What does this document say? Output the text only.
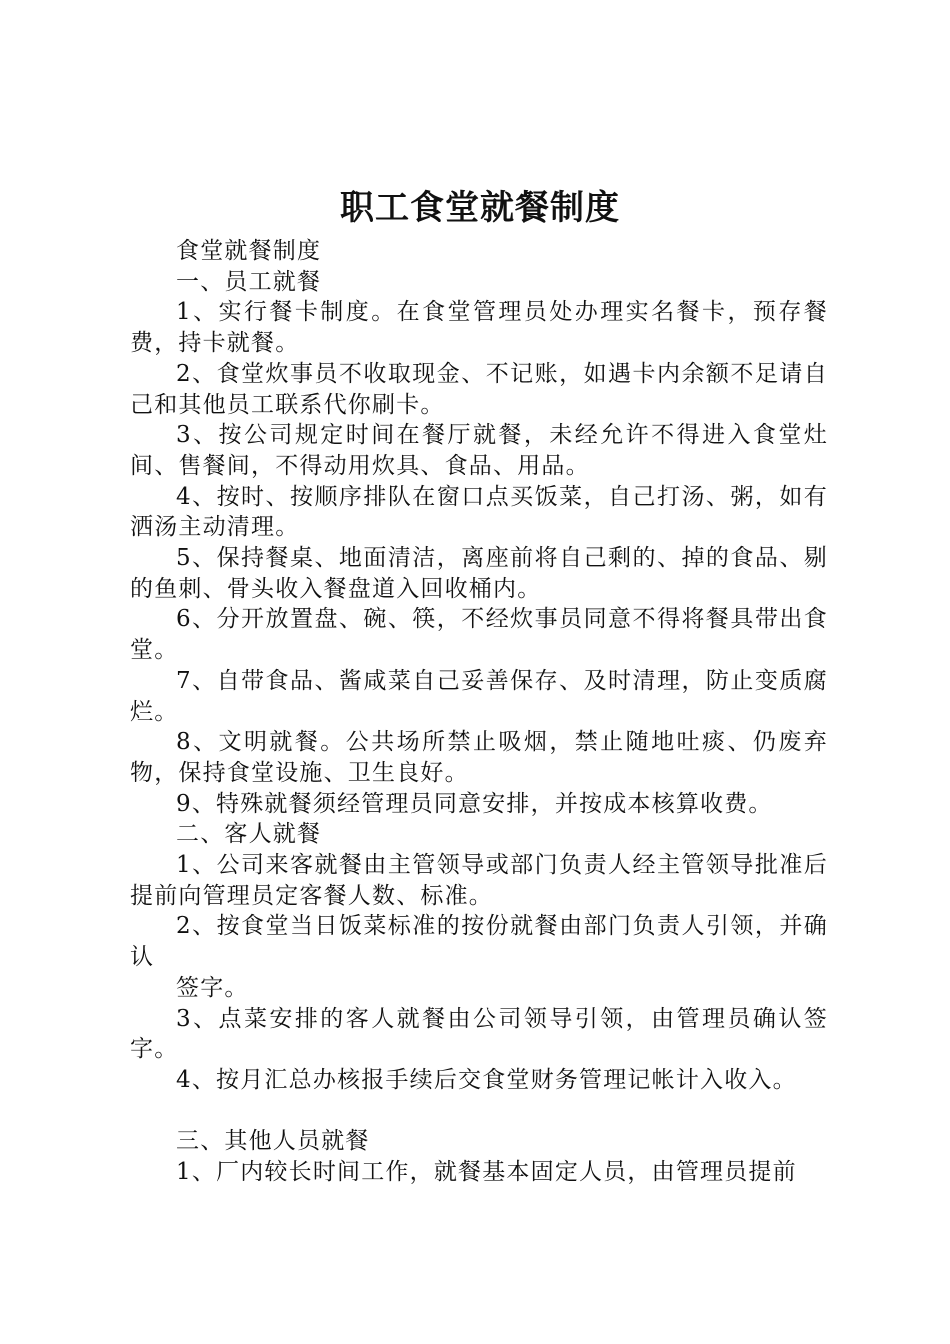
职工食堂就餐制度

食堂就餐制度

一、员工就餐

1、实行餐卡制度。在食堂管理员处办理实名餐卡，预存餐费，持卡就餐。

2、食堂炊事员不收取现金、不记账，如遇卡内余额不足请自己和其他员工联系代你刷卡。

3、按公司规定时间在餐厅就餐，未经允许不得进入食堂灶间、售餐间，不得动用炊具、食品、用品。

4、按时、按顺序排队在窗口点买饭菜，自己打汤、粥，如有洒汤主动清理。

5、保持餐桌、地面清洁，离座前将自己剩的、掉的食品、剔的鱼刺、骨头收入餐盘道入回收桶内。

6、分开放置盘、碗、筷，不经炊事员同意不得将餐具带出食堂。

7、自带食品、酱咸菜自己妥善保存、及时清理，防止变质腐烂。

8、文明就餐。公共场所禁止吸烟，禁止随地吐痰、仍废弃物，保持食堂设施、卫生良好。

9、特殊就餐须经管理员同意安排，并按成本核算收费。

二、客人就餐

1、公司来客就餐由主管领导或部门负责人经主管领导批准后提前向管理员定客餐人数、标准。

2、按食堂当日饭菜标准的按份就餐由部门负责人引领，并确认

签字。

3、点菜安排的客人就餐由公司领导引领，由管理员确认签字。

4、按月汇总办核报手续后交食堂财务管理记帐计入收入。

三、其他人员就餐

1、厂内较长时间工作，就餐基本固定人员，由管理员提前
